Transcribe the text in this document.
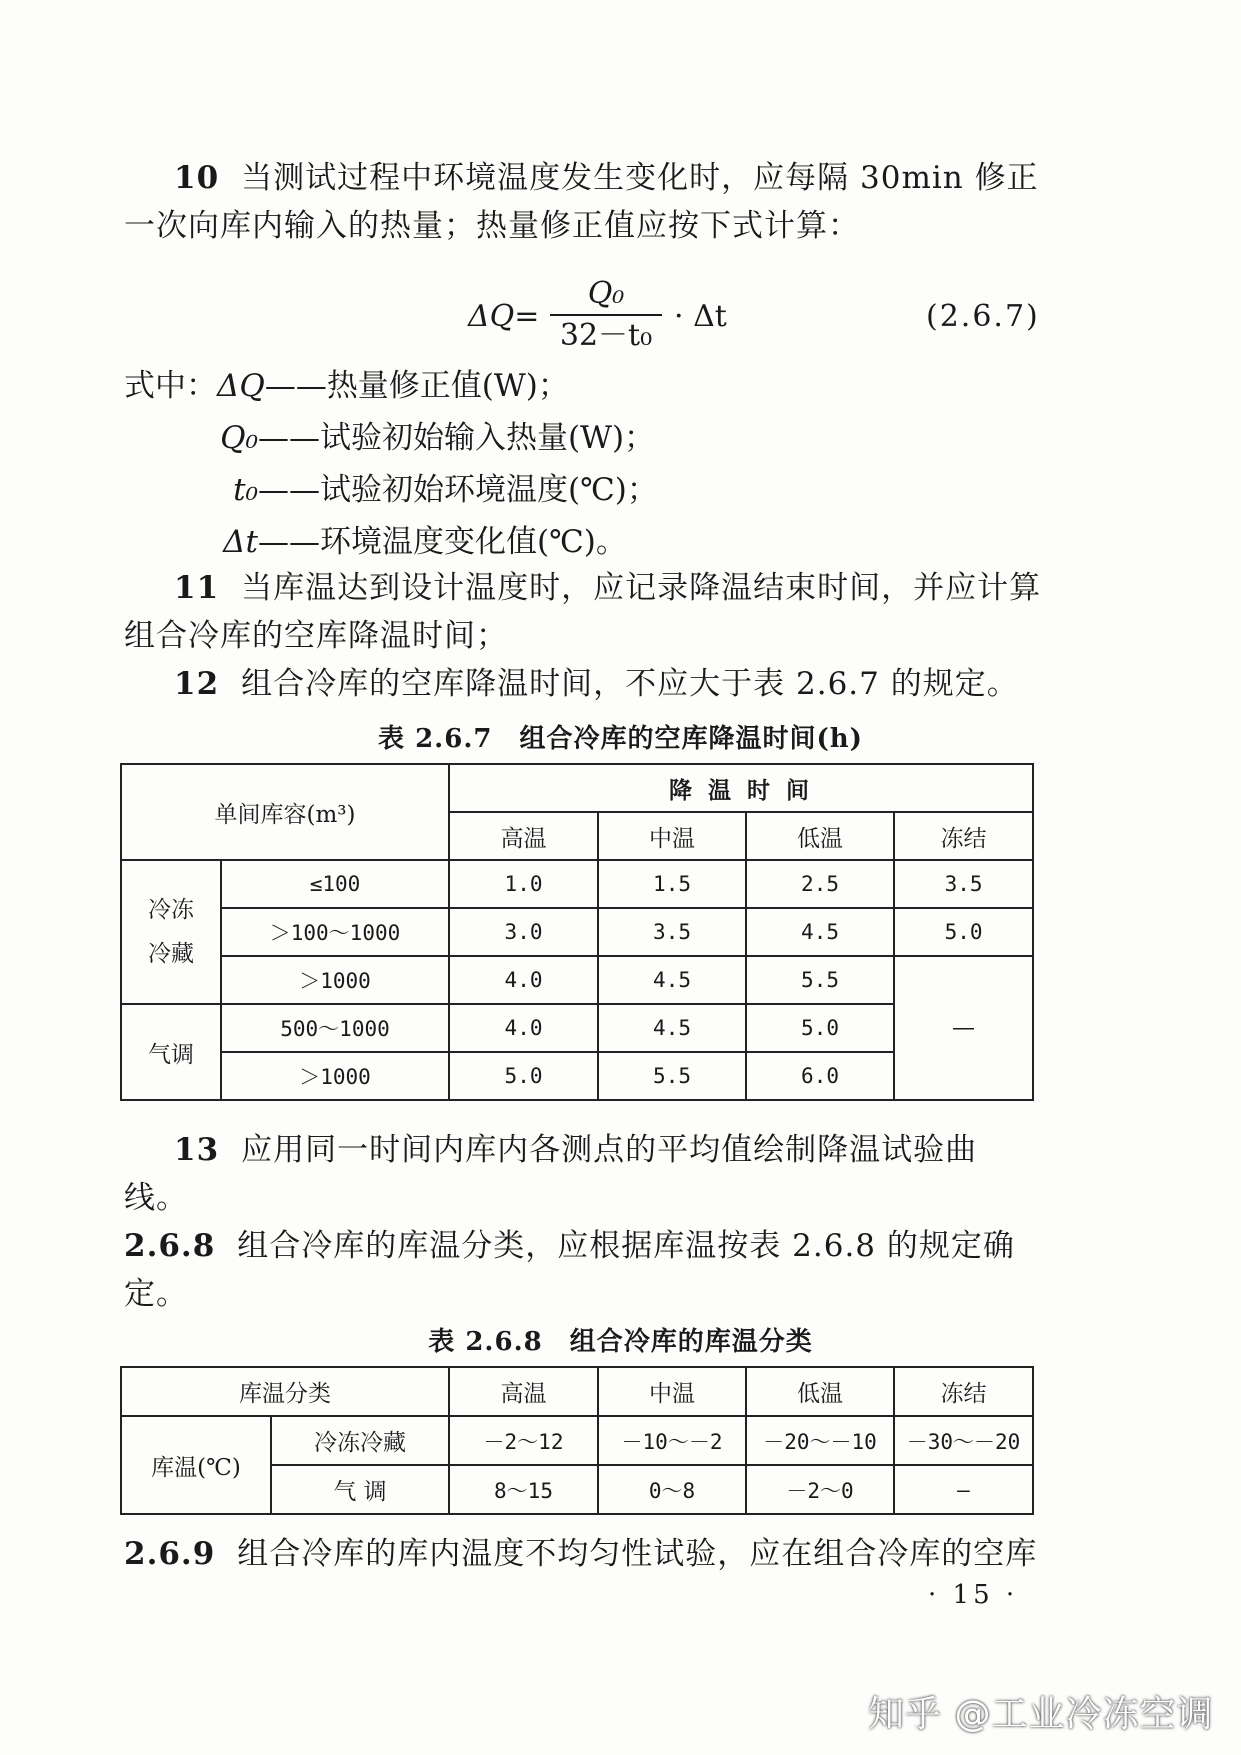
10 当测试过程中环境温度发生变化时，应每隔 30min 修正
一次向库内输入的热量；热量修正值应按下式计算：
ΔQ=
Q₀
32－t₀
· Δt	(2.6.7)
式中：ΔQ——热量修正值(W)；
Q₀——试验初始输入热量(W)；
t₀——试验初始环境温度(℃)；
Δt——环境温度变化值(℃)。
11 当库温达到设计温度时，应记录降温结束时间，并应计算
组合冷库的空库降温时间；
12 组合冷库的空库降温时间，不应大于表 2.6.7 的规定。
表 2.6.7　组合冷库的空库降温时间(h)
单间库容(m³)		降 温 时 间			
		高温	中温	低温	冻结

冷冻
冷藏	≤100	1.0	1.5	2.5	3.5
	＞100～1000	3.0	3.5	4.5	5.0
	＞1000	4.0	4.5	5.5	—
气调	500～1000	4.0	4.5	5.0	
	＞1000	5.0	5.5	6.0	
13 应用同一时间内库内各测点的平均值绘制降温试验曲
线。
2.6.8 组合冷库的库温分类，应根据库温按表 2.6.8 的规定确
定。
表 2.6.8　组合冷库的库温分类
库温分类		高温	中温	低温	冻结
库温(℃)	冷冻冷藏	－2～12	－10～－2	－20～－10	－30～－20
	气 调	8～15	0～8	－2～0	—
2.6.9 组合冷库的库内温度不均匀性试验，应在组合冷库的空库
· 15 ·
知乎 @工业冷冻空调
